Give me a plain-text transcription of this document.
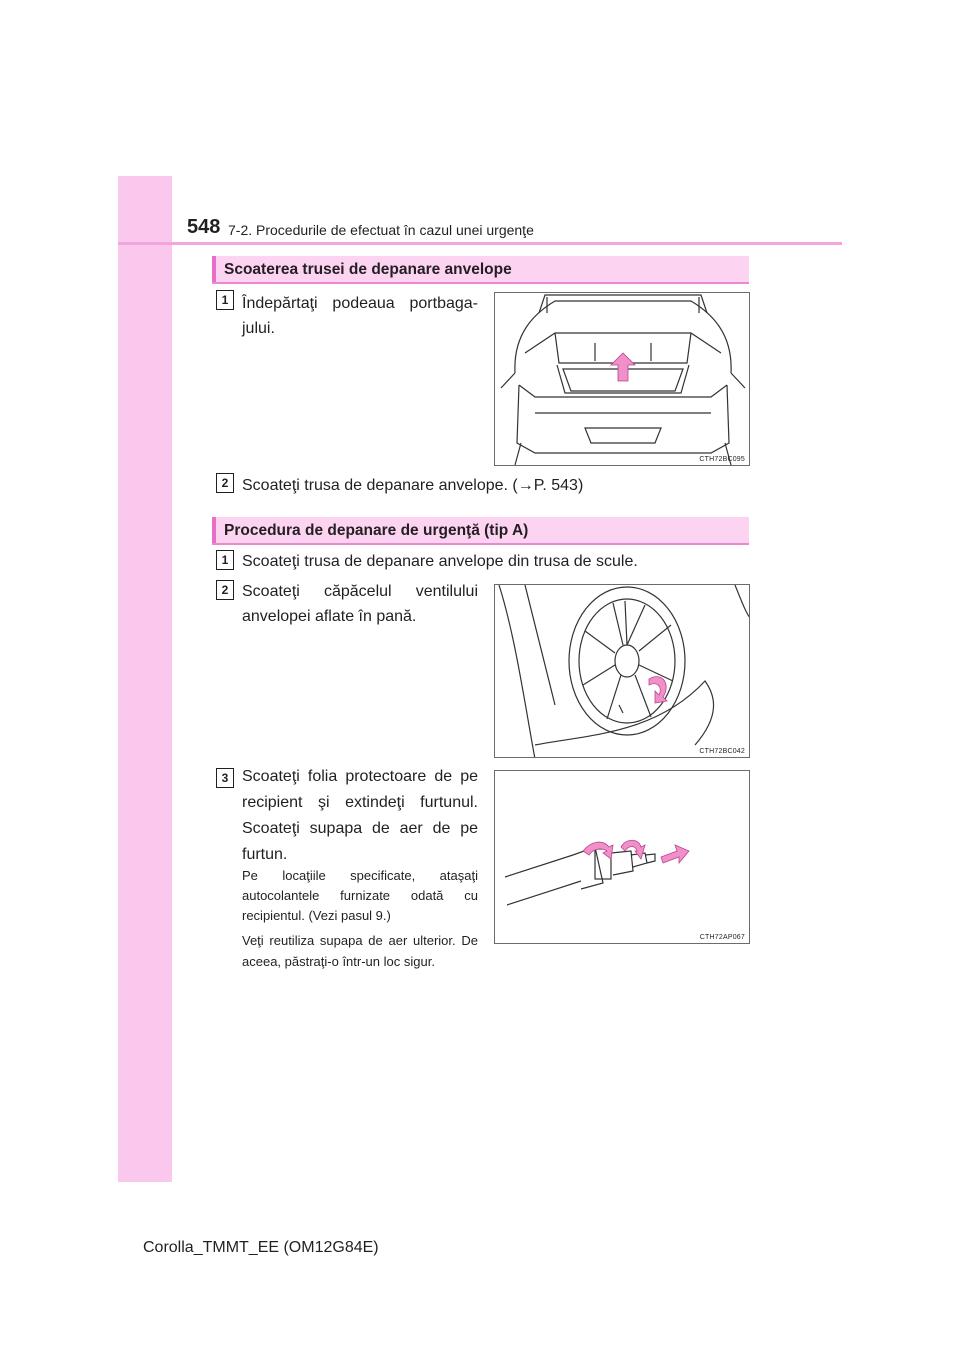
548 7-2. Procedurile de efectuat în cazul unei urgenţe
Scoaterea trusei de depanare anvelope
1 Îndepărtaţi podeaua portbaga-jului.
CTH72BC095
2 Scoateţi trusa de depanare anvelope. (→P. 543)
Procedura de depanare de urgenţă (tip A)
1 Scoateţi trusa de depanare anvelope din trusa de scule.
2 Scoateţi căpăcelul ventilului anvelopei aflate în pană.
CTH72BC042
3 Scoateţi folia protectoare de pe recipient şi extindeţi furtunul. Scoateţi supapa de aer de pe furtun.
Pe locaţiile specificate, ataşaţi autocolantele furnizate odată cu recipientul. (Vezi pasul 9.)
Veţi reutiliza supapa de aer ulterior. De aceea, păstraţi-o într-un loc sigur.
CTH72AP067
Corolla_TMMT_EE (OM12G84E)
